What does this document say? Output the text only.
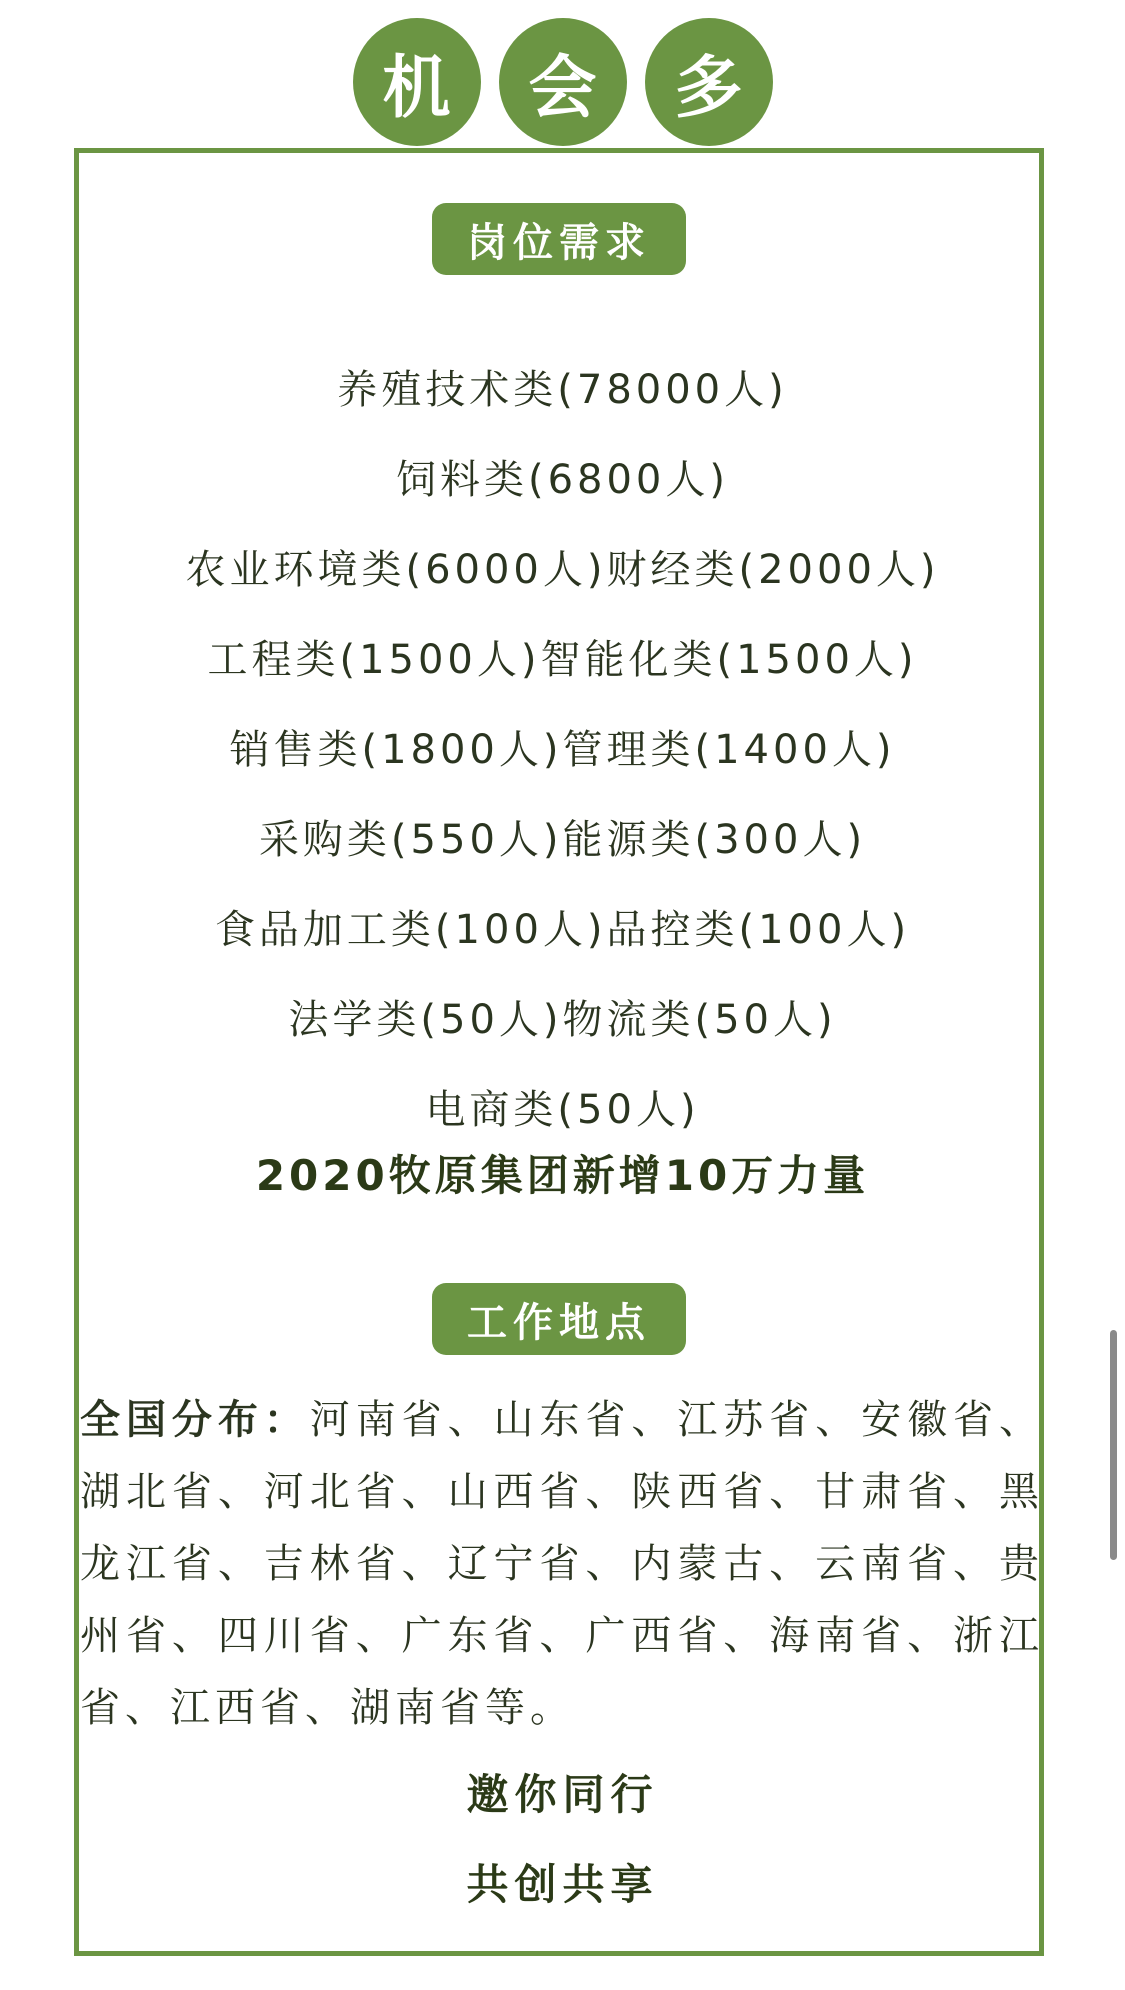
机	会	多
岗位需求
工作地点
养殖技术类(78000人)
饲料类(6800人)
农业环境类(6000人)财经类(2000人)
工程类(1500人)智能化类(1500人)
销售类(1800人)管理类(1400人)
采购类(550人)能源类(300人)
食品加工类(100人)品控类(100人)
法学类(50人)物流类(50人)
电商类(50人)
2020牧原集团新增10万力量
全国分布：河南省、山东省、江苏省、安徽省、湖北省、河北省、山西省、陕西省、甘肃省、黑龙江省、吉林省、辽宁省、内蒙古、云南省、贵州省、四川省、广东省、广西省、海南省、浙江省、江西省、湖南省等。
邀你同行
共创共享
